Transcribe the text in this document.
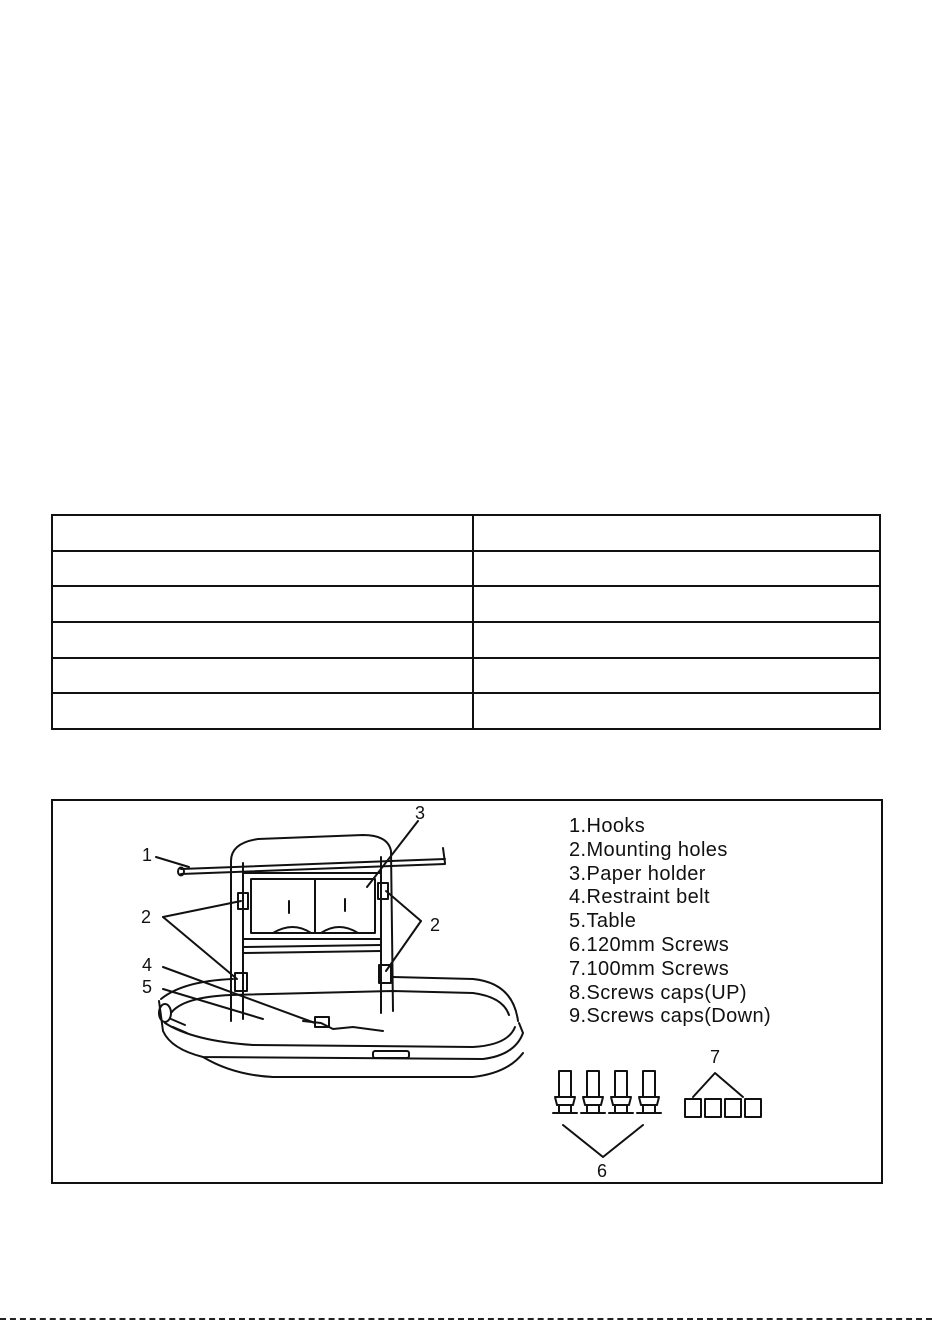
1
2	2
3
4
5
6
7
1.Hooks
2.Mounting holes
3.Paper holder
4.Restraint belt
5.Table
6.120mm Screws
7.100mm Screws
8.Screws caps(UP)
9.Screws caps(Down)
